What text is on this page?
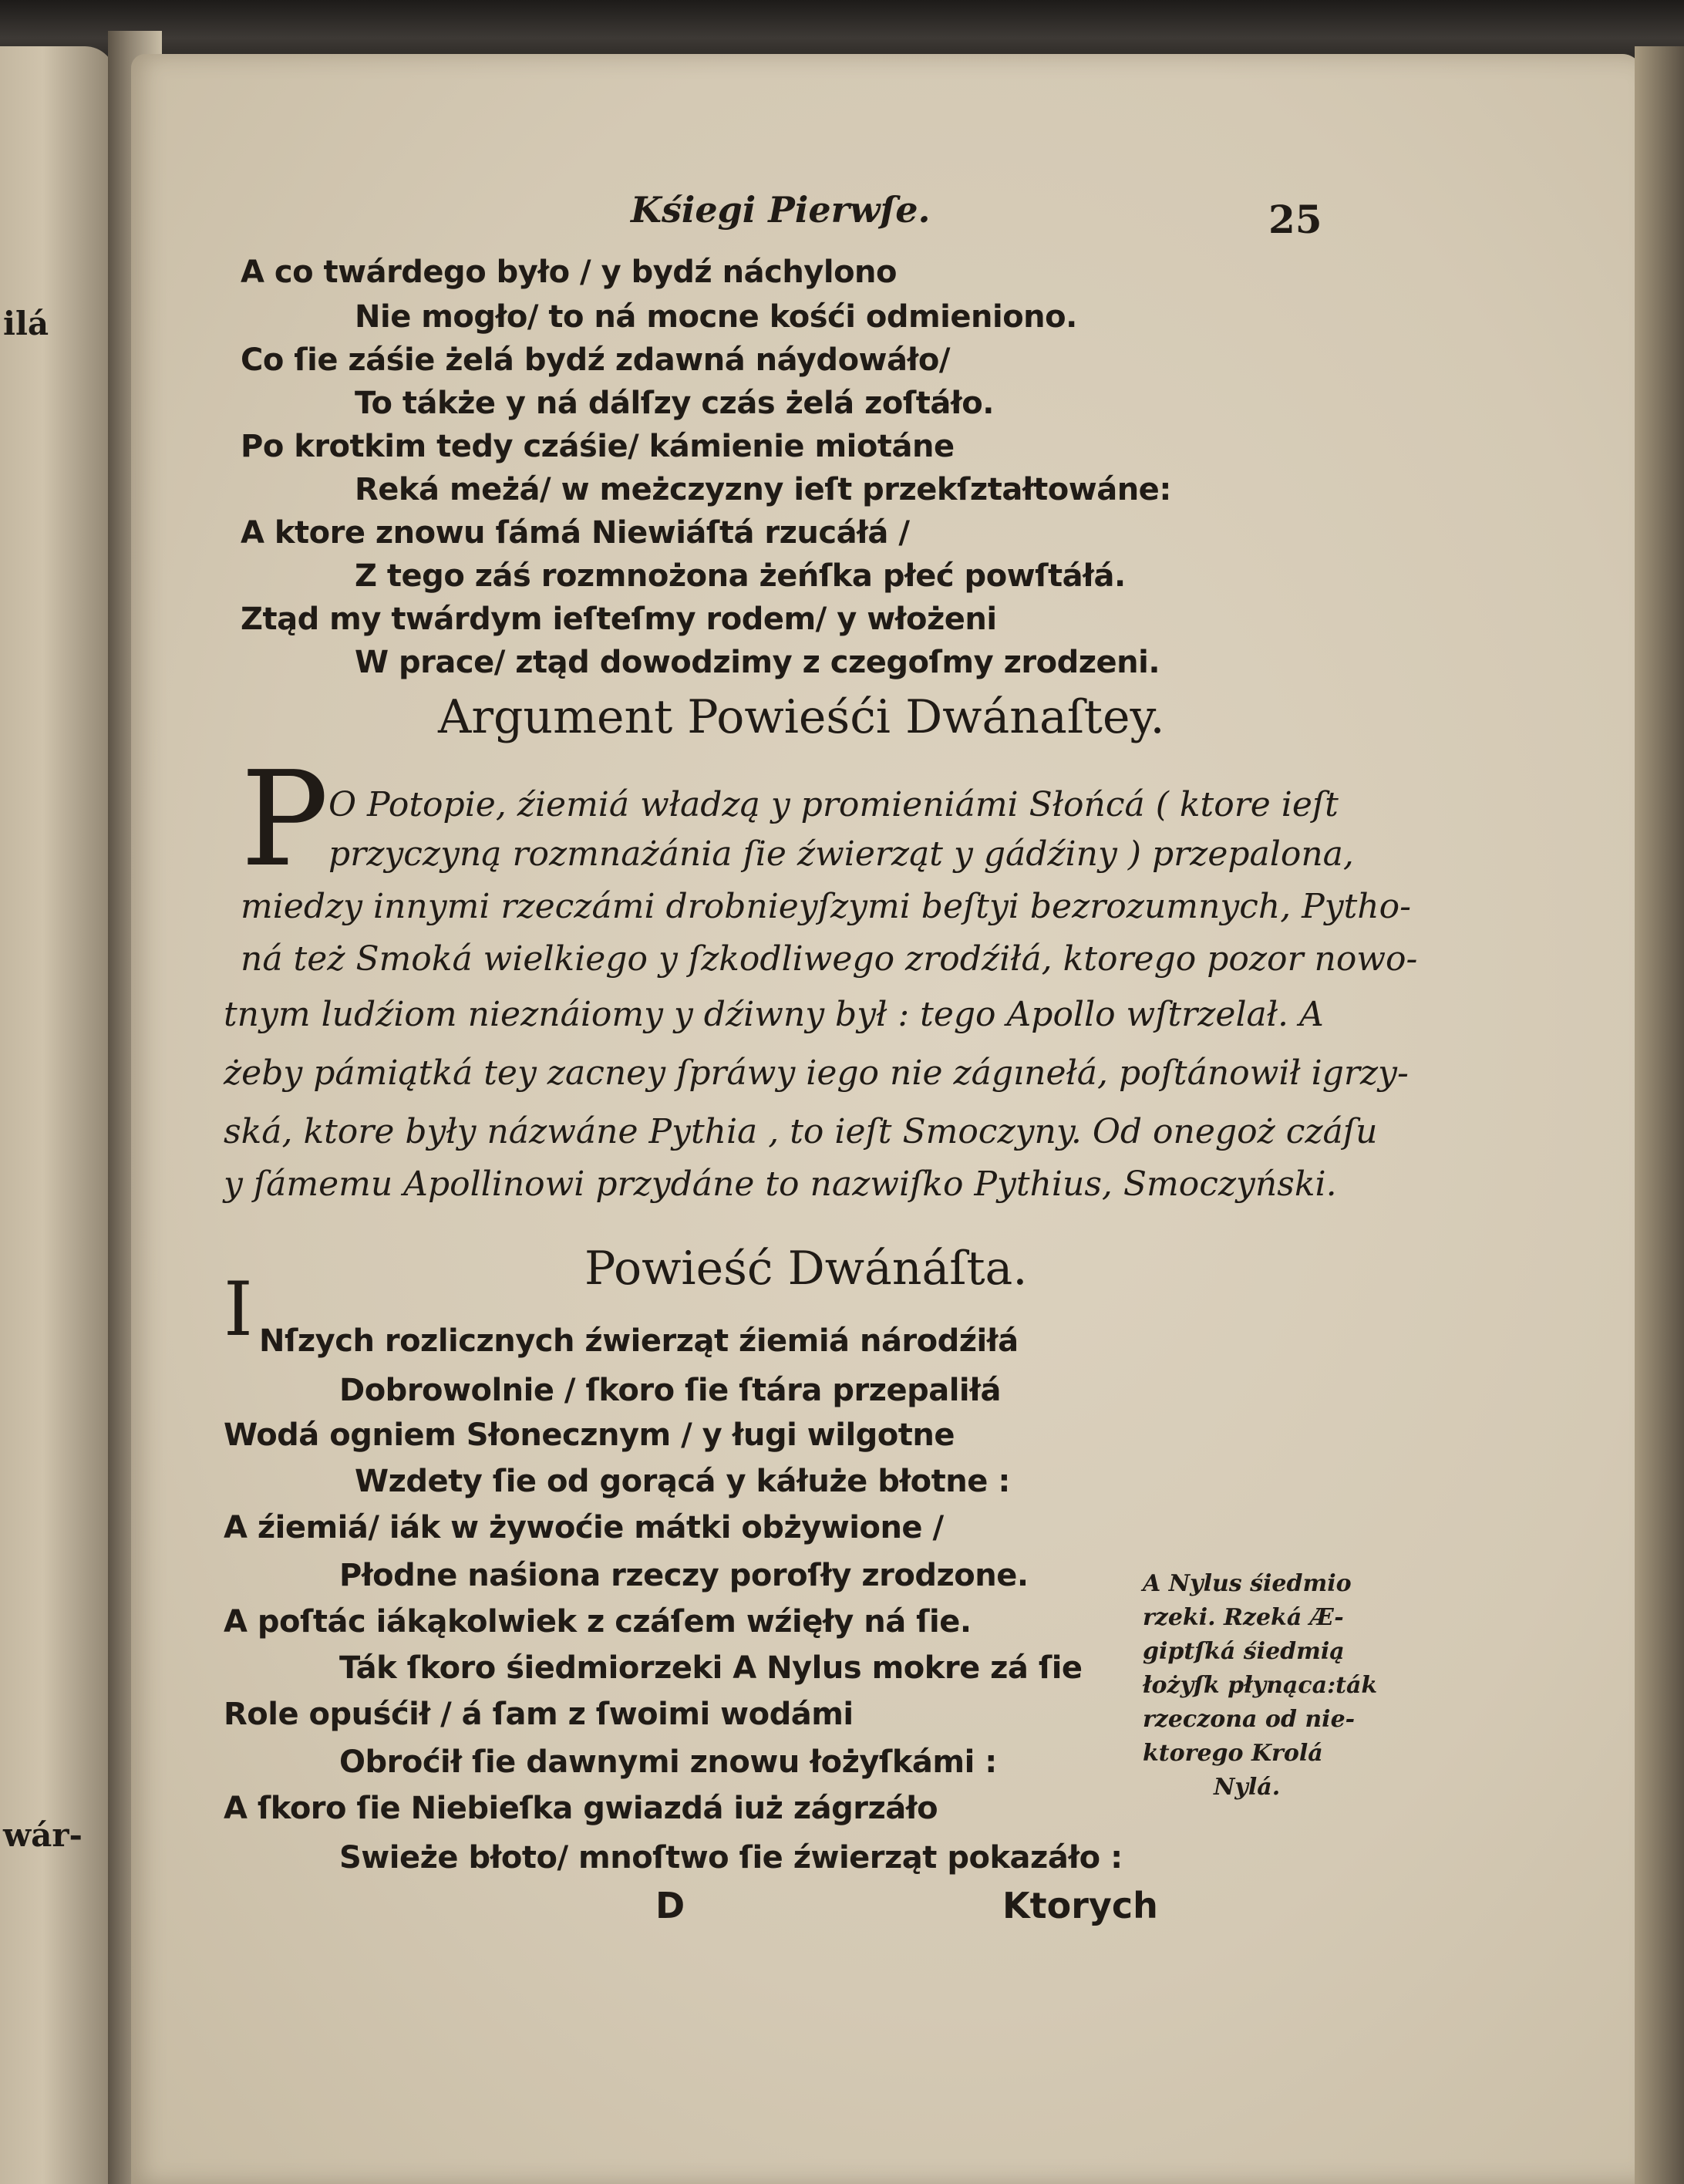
ilá
wár-
Kśiegi Pierwſe.	25
A co twárdego było / y bydź náchylono
Nie mogło/ to ná mocne kośći odmieniono.
Co ſie záśie żelá bydź zdawná náydowáło/
To tákże y ná dálſzy czás żelá zoſtáło.
Po krotkim tedy czáśie/ kámienie miotáne
Reká meżá/ w meżczyzny ieſt przekſztałtowáne:
A ktore znowu ſámá Niewiáſtá rzucáłá /
Z tego záś rozmnożona żeńſka płeć powſtáłá.
Ztąd my twárdym ieſteſmy rodem/ y włożeni
W prace/ ztąd dowodzimy z czegoſmy zrodzeni.
Argument Powieśći Dwánaſtey.
P O Potopie, źiemiá władzą y promieniámi Słońcá ( ktore ieſt
przyczyną rozmnażánia ſie źwierząt y gádźiny ) przepalona,
miedzy innymi rzeczámi drobnieyſzymi beſtyi bezrozumnych, Pytho-
ná też Smoká wielkiego y ſzkodliwego zrodźiłá, ktorego pozor nowo-
tnym ludźiom nieznáiomy y dźiwny był : tego Apollo wſtrzelał. A
żeby pámiątká tey zacney ſpráwy iego nie zágınełá, poſtánowił igrzy-
ská, ktore były názwáne Pythia , to ieſt Smoczyny. Od onegoż czáſu
y ſámemu Apollinowi przydáne to nazwiſko Pythius, Smoczyński.
Powieść Dwánáſta.
I Nſzych rozlicznych źwierząt źiemiá národźiłá
Dobrowolnie / ſkoro ſie ſtára przepaliłá
Wodá ogniem Słonecznym / y ługi wilgotne
Wzdety ſie od gorącá y káłuże błotne :
A źiemiá/ iák w żywoćie mátki obżywione /
Płodne naśiona rzeczy poroſły zrodzone.
A poſtác iákąkolwiek z czáſem wźięły ná ſie.
Ták ſkoro śiedmiorzeki A Nylus mokre zá ſie
Role opuśćił / á ſam z ſwoimi wodámi
Obroćił ſie dawnymi znowu łożyſkámi :
A ſkoro ſie Niebieſka gwiazdá iuż zágrzáło
Swieże błoto/ mnoſtwo ſie źwierząt pokazáło :
A Nylus śiedmio
rzeki. Rzeká Æ-
giptſká śiedmią
łożyſk płynąca:ták
rzeczona od nie-
ktorego Krolá
Nylá.
D	Ktorych
